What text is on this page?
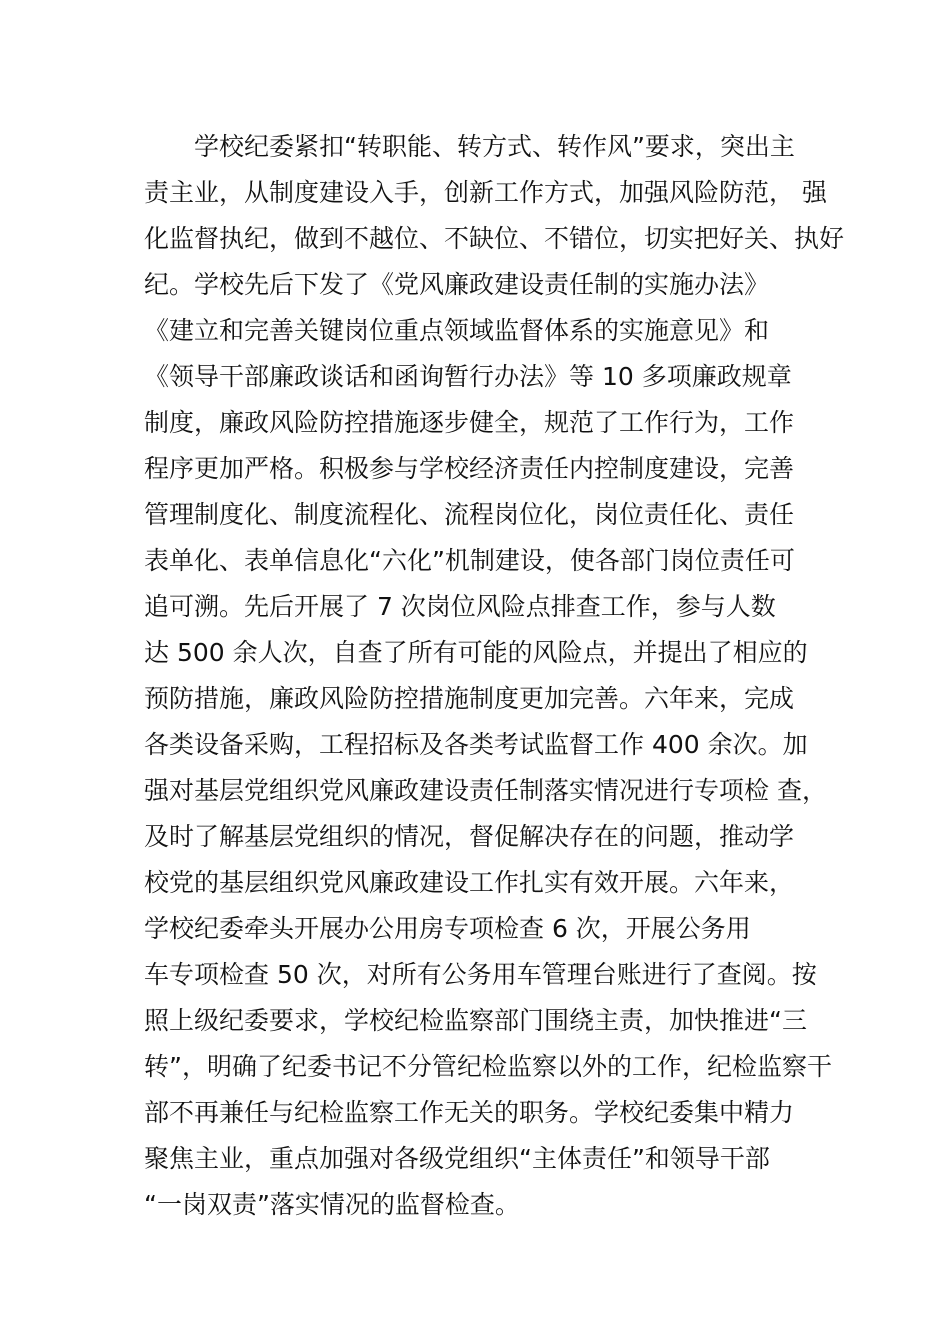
学校纪委紧扣“转职能、转方式、转作风”要求，突出主
责主业，从制度建设入手，创新工作方式，加强风险防范， 强
化监督执纪，做到不越位、不缺位、不错位，切实把好关、执好
纪。学校先后下发了《党风廉政建设责任制的实施办法》
《建立和完善关键岗位重点领域监督体系的实施意见》和
《领导干部廉政谈话和函询暂行办法》等 10 多项廉政规章
制度，廉政风险防控措施逐步健全，规范了工作行为，工作
程序更加严格。积极参与学校经济责任内控制度建设，完善
管理制度化、制度流程化、流程岗位化，岗位责任化、责任
表单化、表单信息化“六化”机制建设，使各部门岗位责任可
追可溯。先后开展了 7 次岗位风险点排查工作，参与人数
达 500 余人次，自查了所有可能的风险点，并提出了相应的
预防措施，廉政风险防控措施制度更加完善。六年来，完成
各类设备采购，工程招标及各类考试监督工作 400 余次。加
强对基层党组织党风廉政建设责任制落实情况进行专项检 查，
及时了解基层党组织的情况，督促解决存在的问题，推动学
校党的基层组织党风廉政建设工作扎实有效开展。六年来，
学校纪委牵头开展办公用房专项检查 6 次，开展公务用
车专项检查 50 次，对所有公务用车管理台账进行了查阅。按
照上级纪委要求，学校纪检监察部门围绕主责，加快推进“三
转”，明确了纪委书记不分管纪检监察以外的工作，纪检监察干
部不再兼任与纪检监察工作无关的职务。学校纪委集中精力
聚焦主业，重点加强对各级党组织“主体责任”和领导干部
“一岗双责”落实情况的监督检查。
